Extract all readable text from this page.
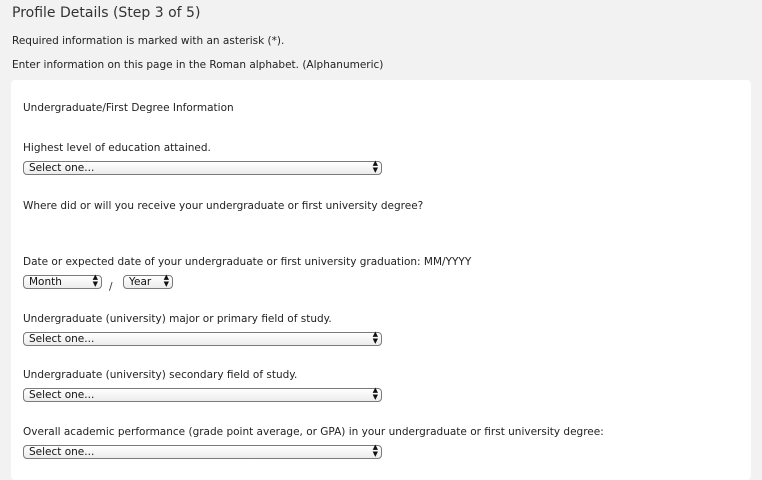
Profile Details (Step 3 of 5)
Required information is marked with an asterisk (*).
Enter information on this page in the Roman alphabet. (Alphanumeric)
Undergraduate/First Degree Information
Highest level of education attained.
Select one...	▲
▼
Where did or will you receive your undergraduate or first university degree?
Date or expected date of your undergraduate or first university graduation: MM/YYYY
Month	▲
▼ /	Year ▲
▼
Undergraduate (university) major or primary field of study.
Select one...	▲
▼
Undergraduate (university) secondary field of study.
Select one...	▲
▼
Overall academic performance (grade point average, or GPA) in your undergraduate or first university degree:
Select one...	▲
▼
